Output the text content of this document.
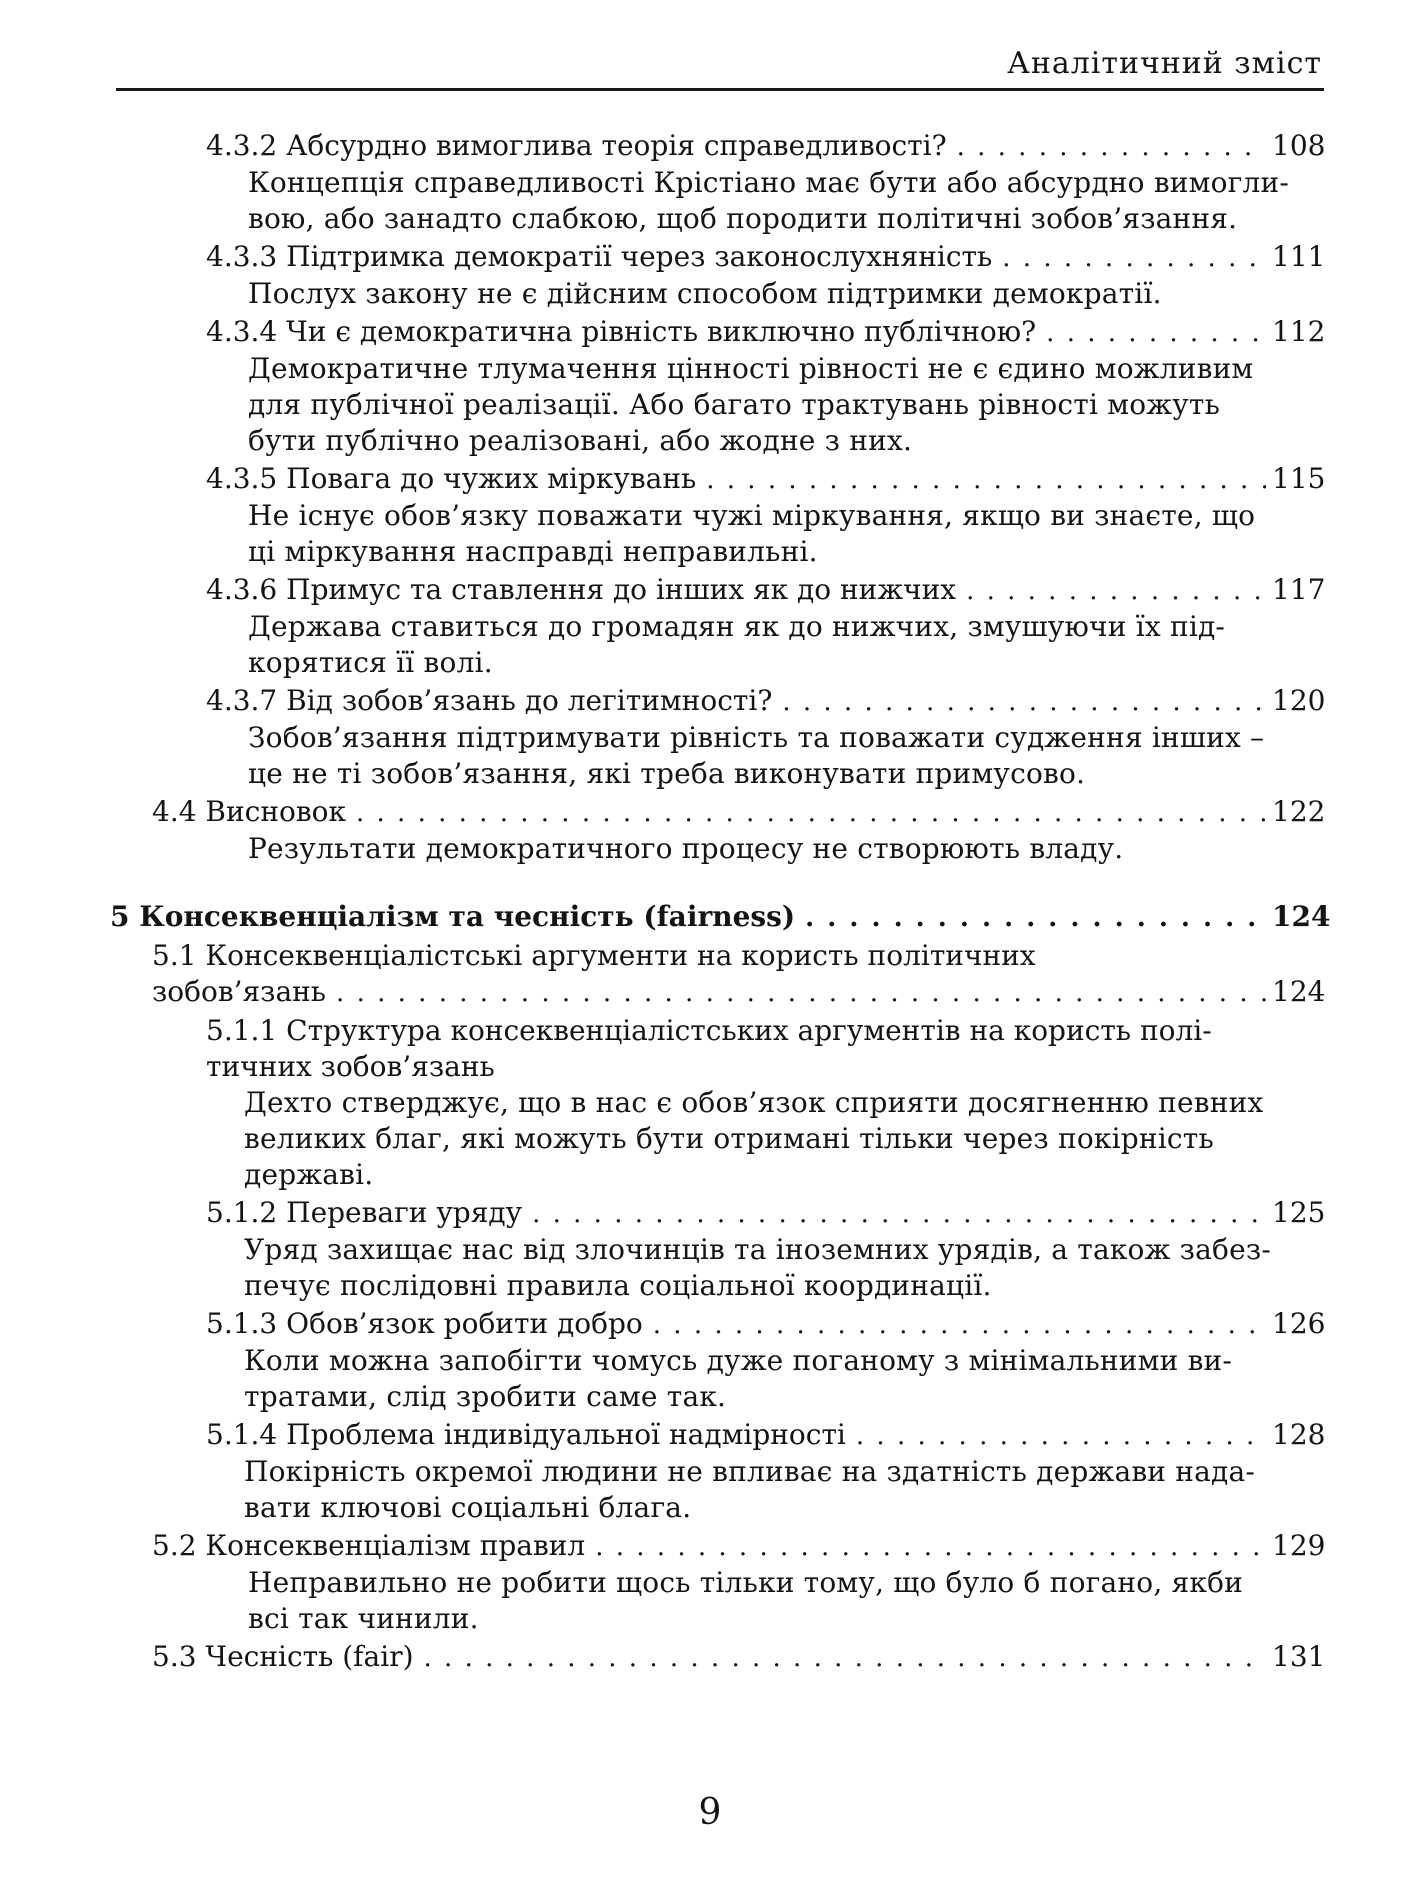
Аналітичний зміст
4.3.2 Абсурдно вимоглива теорія справедливості? . . .	108
Концепція справедливості Крістіано має бути або абсурдно вимогли-
вою, або занадто слабкою, щоб породити політичні зобов’язання.
4.3.3 Підтримка демократії через законослухняність . . .	111
Послух закону не є дійсним способом підтримки демократії.
4.3.4 Чи є демократична рівність виключно публічною? . . .	112
Демократичне тлумачення цінності рівності не є єдино можливим
для публічної реалізації. Або багато трактувань рівності можуть
бути публічно реалізовані, або жодне з них.
4.3.5 Повага до чужих міркувань . . .	115
Не існує обов’язку поважати чужі міркування, якщо ви знаєте, що
ці міркування насправді неправильні.
4.3.6 Примус та ставлення до інших як до нижчих . . .	117
Держава ставиться до громадян як до нижчих, змушуючи їх під-
корятися її волі.
4.3.7 Від зобов’язань до легітимності? . . .	120
Зобов’язання підтримувати рівність та поважати судження інших –
це не ті зобов’язання, які треба виконувати примусово.
4.4 Висновок . . .	122
Результати демократичного процесу не створюють владу.
5 Консеквенціалізм та чесність (fairness) . . .	124
5.1 Консеквенціалістські аргументи на користь політичних
зобов’язань . . .	124
5.1.1 Структура консеквенціалістських аргументів на користь полі-
тичних зобов’язань
Дехто стверджує, що в нас є обов’язок сприяти досягненню певних
великих благ, які можуть бути отримані тільки через покірність
державі.
5.1.2 Переваги уряду . . .	125
Уряд захищає нас від злочинців та іноземних урядів, а також забез-
печує послідовні правила соціальної координації.
5.1.3 Обов’язок робити добро . . .	126
Коли можна запобігти чомусь дуже поганому з мінімальними ви-
тратами, слід зробити саме так.
5.1.4 Проблема індивідуальної надмірності . . .	128
Покірність окремої людини не впливає на здатність держави нада-
вати ключові соціальні блага.
5.2 Консеквенціалізм правил . . .	129
Неправильно не робити щось тільки тому, що було б погано, якби
всі так чинили.
5.3 Чесність (fair) . . .	131
9
